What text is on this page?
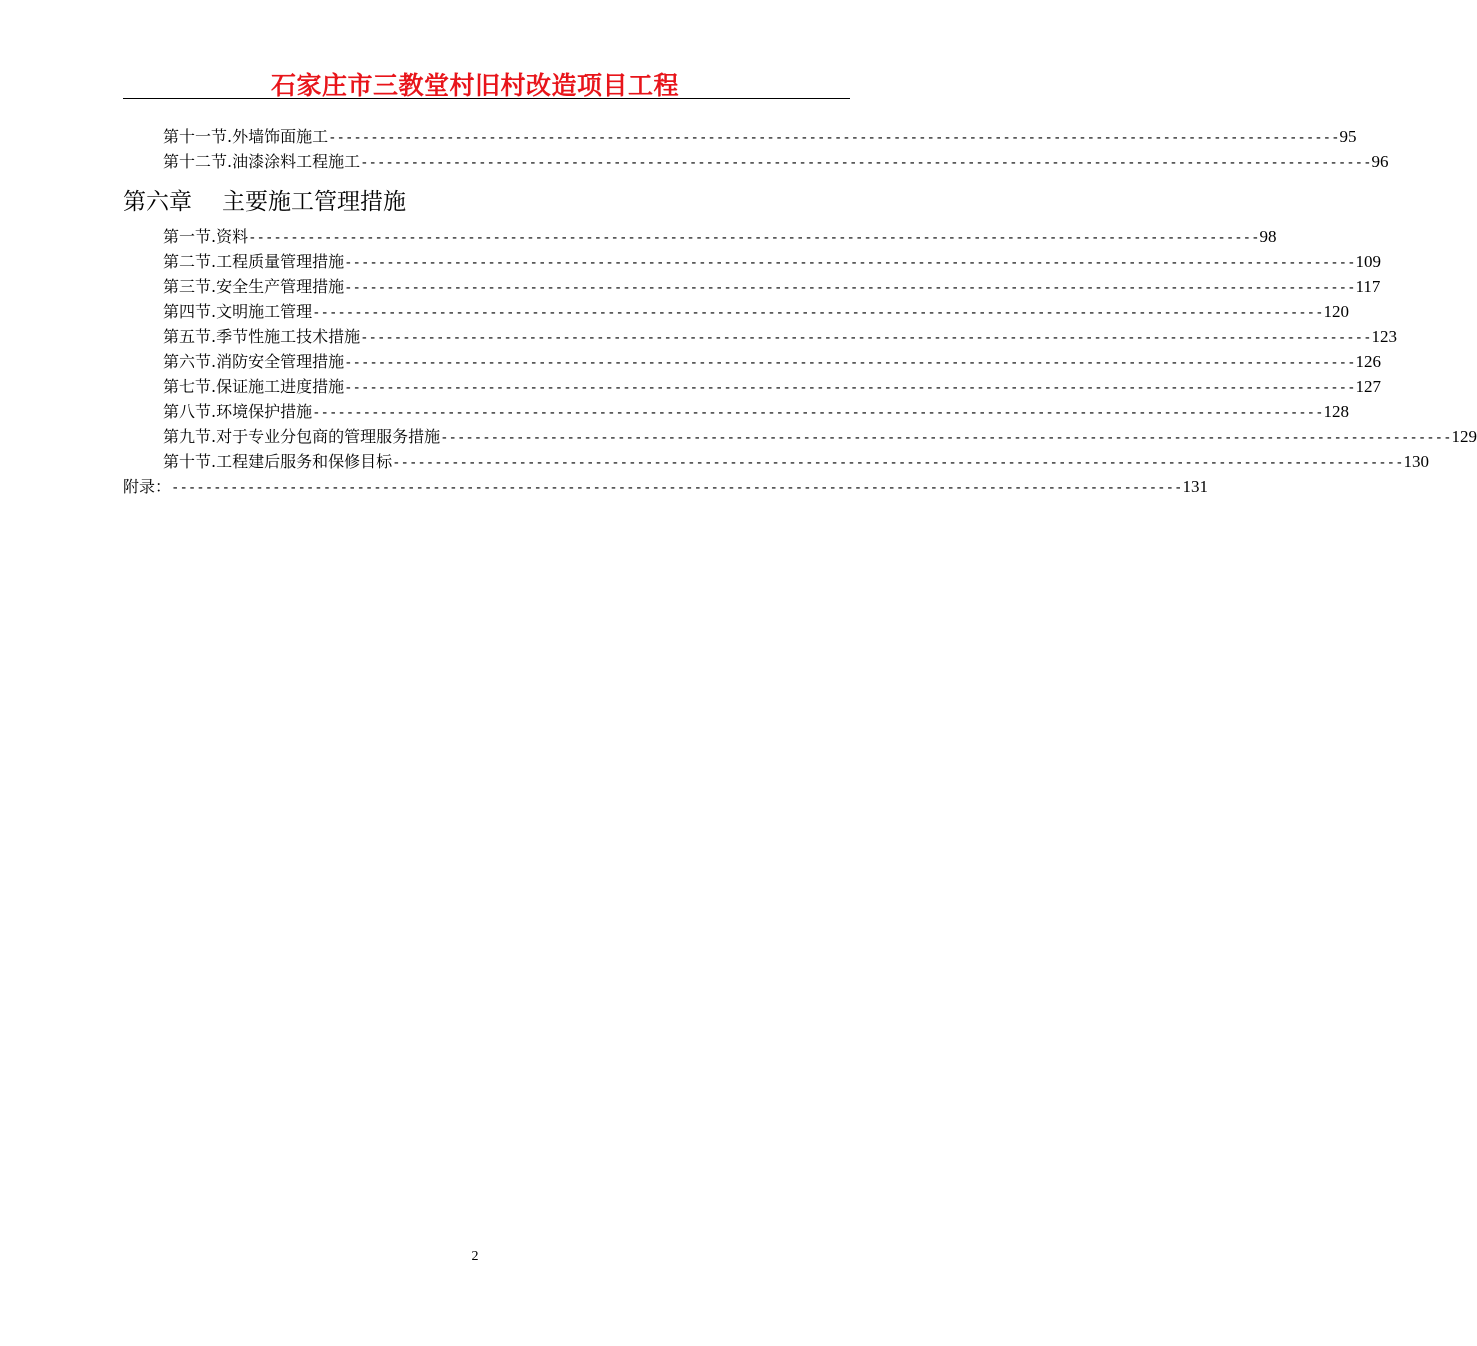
石家庄市三教堂村旧村改造项目工程
第十一节.外墙饰面施工 ------------------------------------------------------------------------------------------------------------------------ 95
第十二节.油漆涂料工程施工 ------------------------------------------------------------------------------------------------------------------------ 96
第六章 主要施工管理措施
第一节.资料 ------------------------------------------------------------------------------------------------------------------------ 98
第二节.工程质量管理措施 ------------------------------------------------------------------------------------------------------------------------ 109
第三节.安全生产管理措施 ------------------------------------------------------------------------------------------------------------------------ 117
第四节.文明施工管理 ------------------------------------------------------------------------------------------------------------------------ 120
第五节.季节性施工技术措施 ------------------------------------------------------------------------------------------------------------------------ 123
第六节.消防安全管理措施 ------------------------------------------------------------------------------------------------------------------------ 126
第七节.保证施工进度措施 ------------------------------------------------------------------------------------------------------------------------ 127
第八节.环境保护措施 ------------------------------------------------------------------------------------------------------------------------ 128
第九节.对于专业分包商的管理服务措施 ------------------------------------------------------------------------------------------------------------------------ 129
第十节.工程建后服务和保修目标 ------------------------------------------------------------------------------------------------------------------------ 130
附录： ------------------------------------------------------------------------------------------------------------------------ 131
2
